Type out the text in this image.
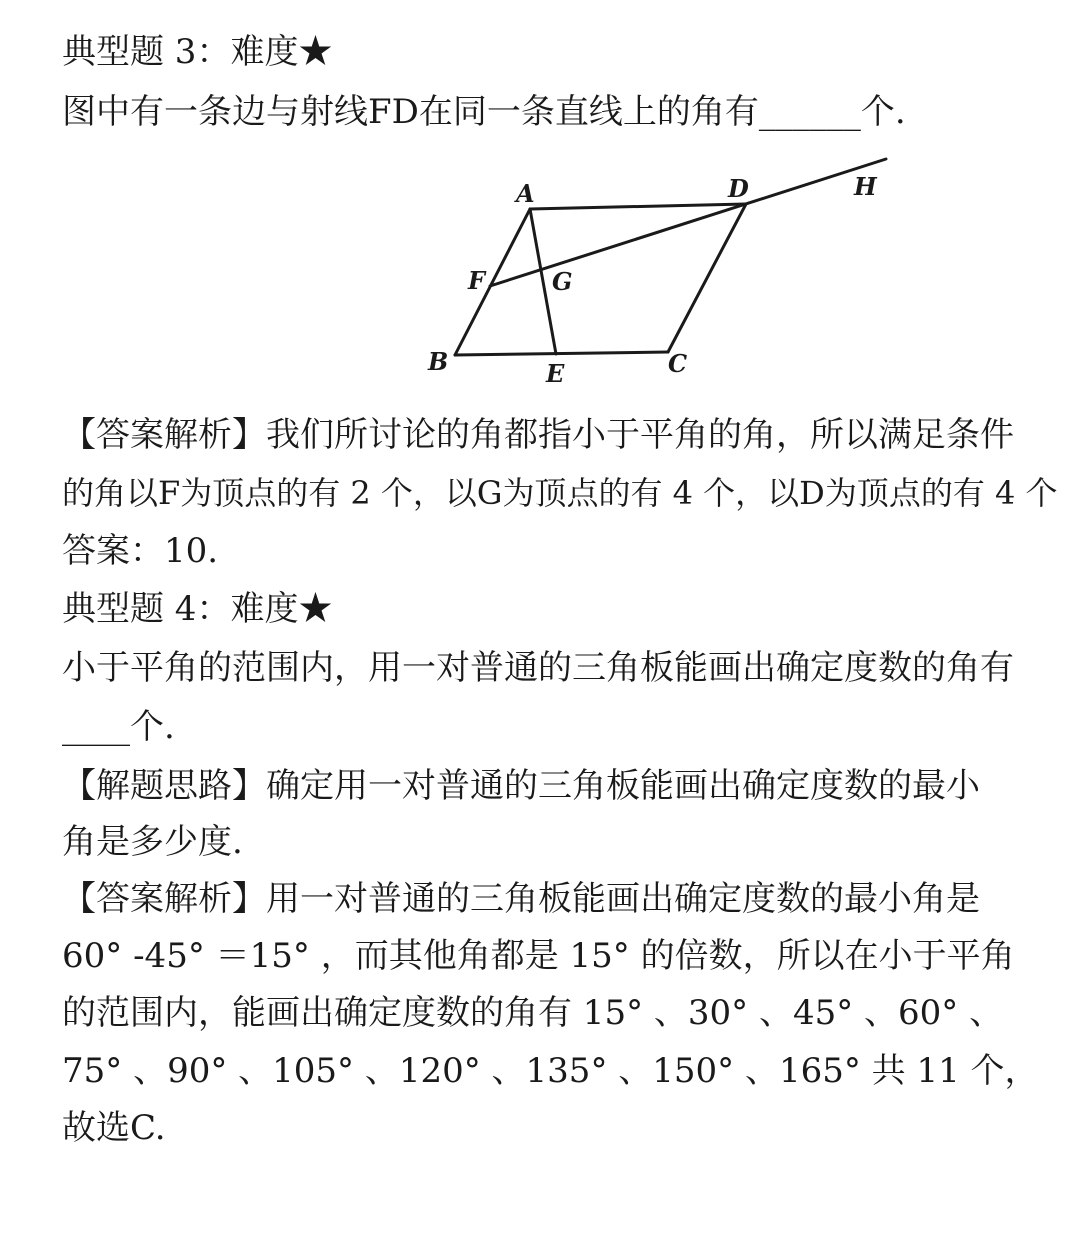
典型题 3：难度★
图中有一条边与射线FD在同一条直线上的角有______个.
A	D	H
F	G
B	E	C
【答案解析】我们所讨论的角都指小于平角的角，所以满足条件
的角以F为顶点的有 2 个，以G为顶点的有 4 个，以D为顶点的有 4 个
答案：10.
典型题 4：难度★
小于平角的范围内，用一对普通的三角板能画出确定度数的角有
____个.
【解题思路】确定用一对普通的三角板能画出确定度数的最小
角是多少度.
【答案解析】用一对普通的三角板能画出确定度数的最小角是
60° -45° ＝15° ，而其他角都是 15° 的倍数，所以在小于平角
的范围内，能画出确定度数的角有 15° 、30° 、45° 、60° 、
75° 、90° 、105° 、120° 、135° 、150° 、165° 共 11 个，
故选C.
